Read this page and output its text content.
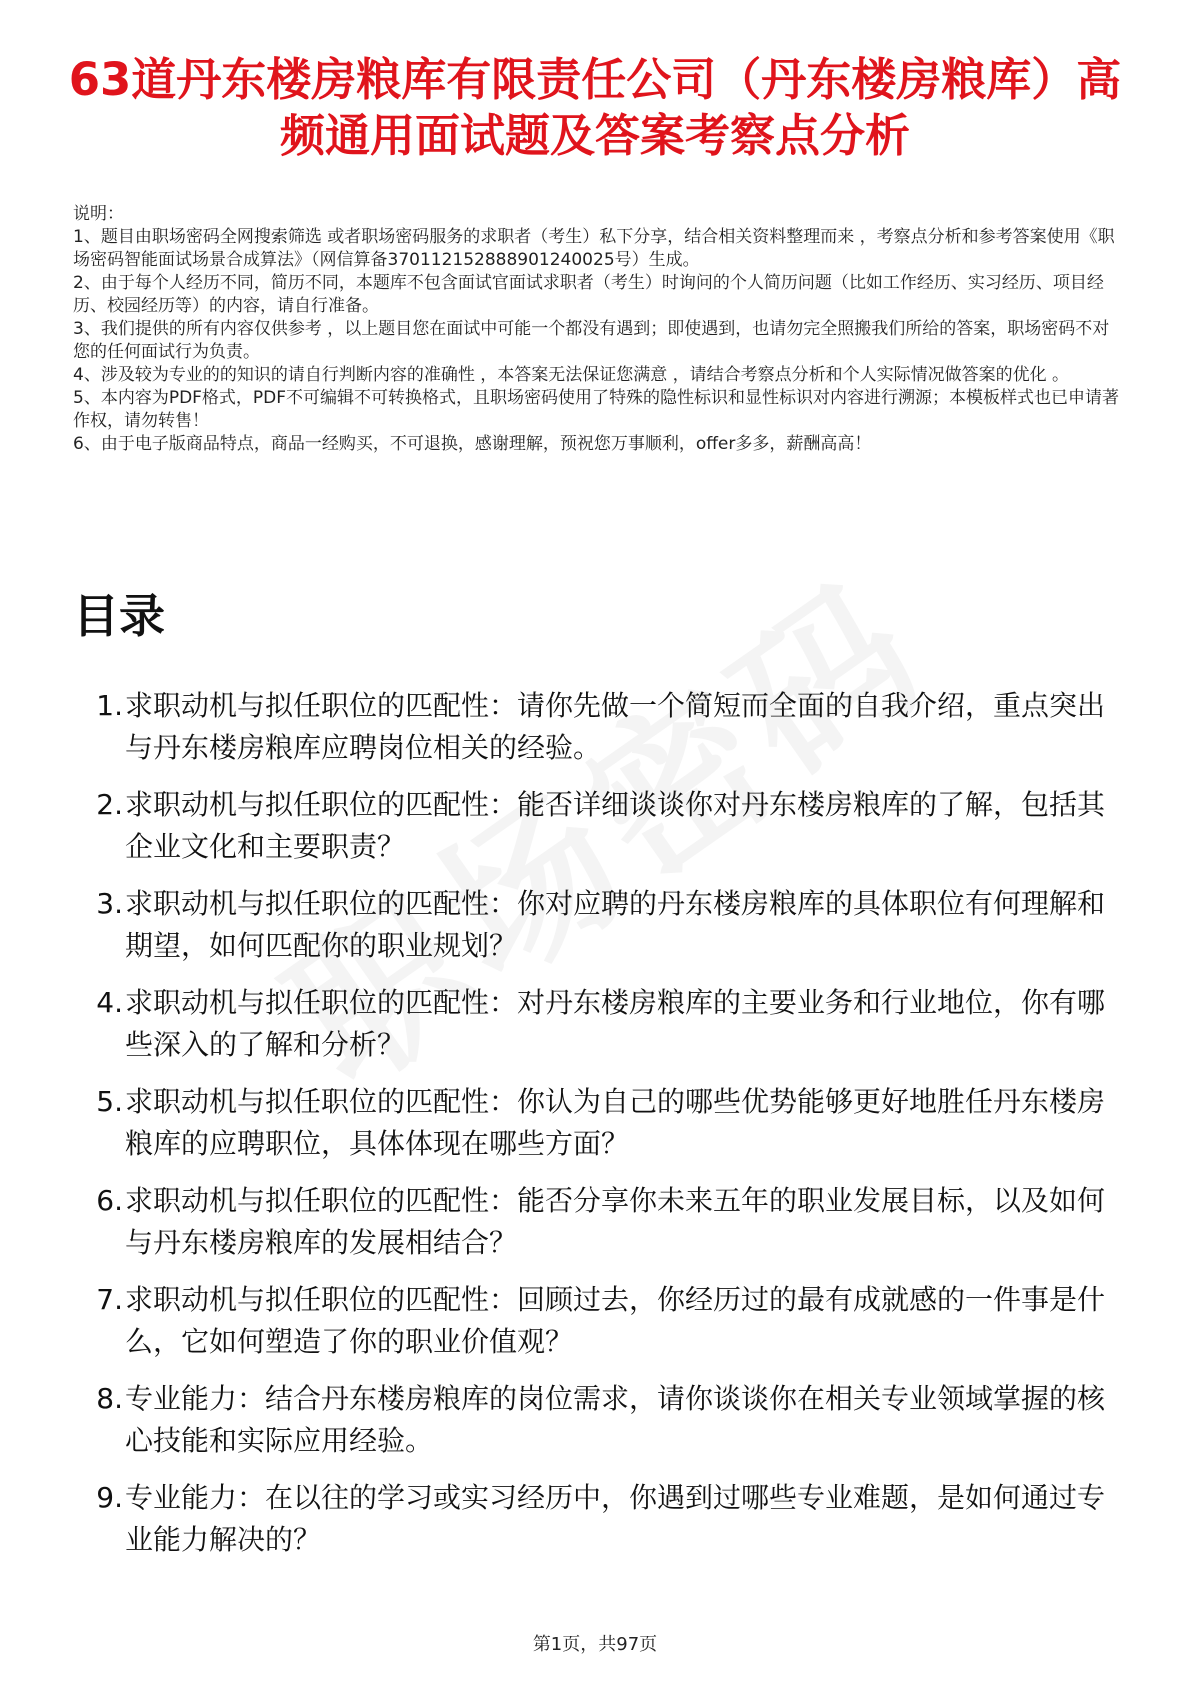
63道丹东楼房粮库有限责任公司（丹东楼房粮库）高频通用面试题及答案考察点分析

说明：

1、题目由职场密码全网搜索筛选 或者职场密码服务的求职者（考生）私下分享，结合相关资料整理而来 ，考察点分析和参考答案使用《职场密码智能面试场景合成算法》（网信算备370112152888901240025号）生成。

2、由于每个人经历不同，简历不同，本题库不包含面试官面试求职者（考生）时询问的个人简历问题（比如工作经历、实习经历、项目经历、校园经历等）的内容，请自行准备。

3、我们提供的所有内容仅供参考 ，以上题目您在面试中可能一个都没有遇到；即使遇到，也请勿完全照搬我们所给的答案，职场密码不对您的任何面试行为负责。

4、涉及较为专业的的知识的请自行判断内容的准确性 ，本答案无法保证您满意 ，请结合考察点分析和个人实际情况做答案的优化 。

5、本内容为PDF格式，PDF不可编辑不可转换格式，且职场密码使用了特殊的隐性标识和显性标识对内容进行溯源；本模板样式也已申请著作权，请勿转售！

6、由于电子版商品特点，商品一经购买，不可退换，感谢理解，预祝您万事顺利，offer多多，薪酬高高！

目录
1. 求职动机与拟任职位的匹配性：请你先做一个简短而全面的自我介绍，重点突出与丹东楼房粮库应聘岗位相关的经验。
2. 求职动机与拟任职位的匹配性：能否详细谈谈你对丹东楼房粮库的了解，包括其企业文化和主要职责？
3. 求职动机与拟任职位的匹配性：你对应聘的丹东楼房粮库的具体职位有何理解和期望，如何匹配你的职业规划？
4. 求职动机与拟任职位的匹配性：对丹东楼房粮库的主要业务和行业地位，你有哪些深入的了解和分析？
5. 求职动机与拟任职位的匹配性：你认为自己的哪些优势能够更好地胜任丹东楼房粮库的应聘职位，具体体现在哪些方面？
6. 求职动机与拟任职位的匹配性：能否分享你未来五年的职业发展目标，以及如何与丹东楼房粮库的发展相结合？
7. 求职动机与拟任职位的匹配性：回顾过去，你经历过的最有成就感的一件事是什么，它如何塑造了你的职业价值观？
8. 专业能力：结合丹东楼房粮库的岗位需求，请你谈谈你在相关专业领域掌握的核心技能和实际应用经验。
9. 专业能力：在以往的学习或实习经历中，你遇到过哪些专业难题，是如何通过专业能力解决的？
第1页，共97页
